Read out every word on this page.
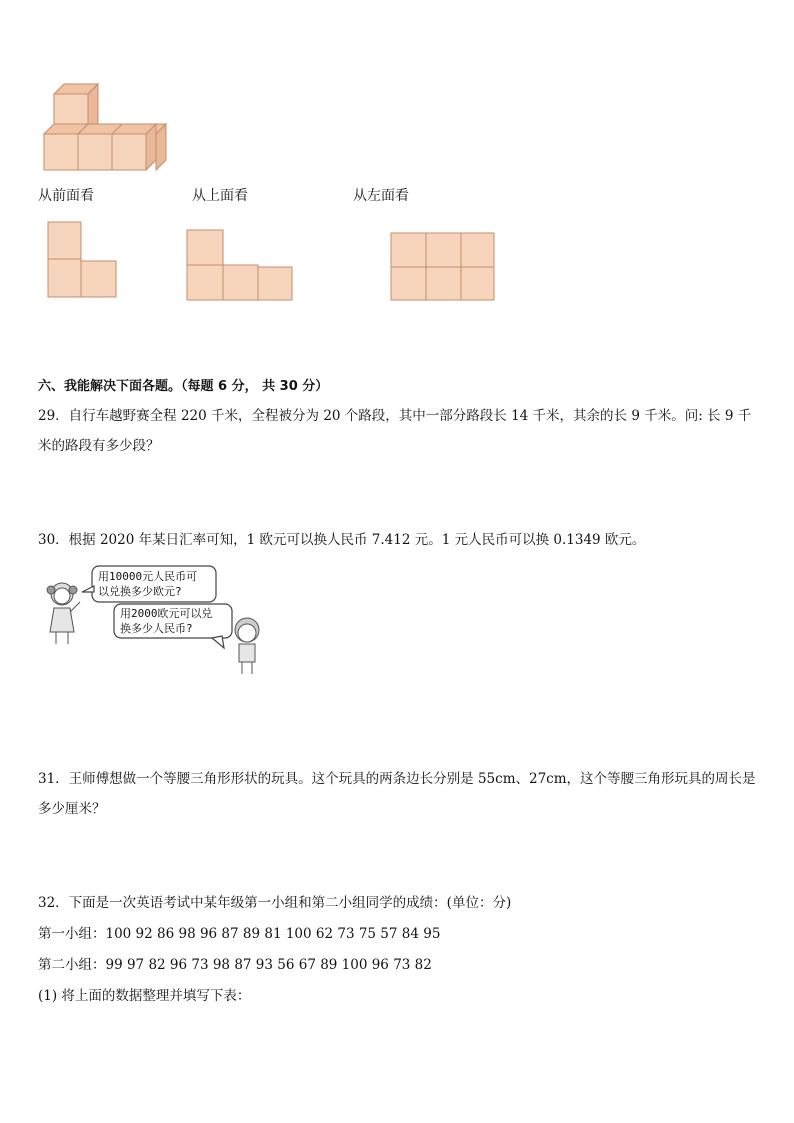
从前面看	从上面看	从左面看
六、我能解决下面各题。（每题 6 分， 共 30 分）
29．自行车越野赛全程 220 千米，全程被分为 20 个路段，其中一部分路段长 14 千米，其余的长 9 千米。问: 长 9 千
米的路段有多少段？
30．根据 2020 年某日汇率可知，1 欧元可以换人民币 7.412 元。1 元人民币可以换 0.1349 欧元。
用10000元人民币可
以兑换多少欧元?
用2000欧元可以兑
换多少人民币?
31．王师傅想做一个等腰三角形形状的玩具。这个玩具的两条边长分别是 55cm、27cm，这个等腰三角形玩具的周长是
多少厘米？
32．下面是一次英语考试中某年级第一小组和第二小组同学的成绩：(单位：分)
第一小组：100 92 86 98 96 87 89 81 100 62 73 75 57 84 95
第二小组：99 97 82 96 73 98 87 93 56 67 89 100 96 73 82
(1) 将上面的数据整理并填写下表：
